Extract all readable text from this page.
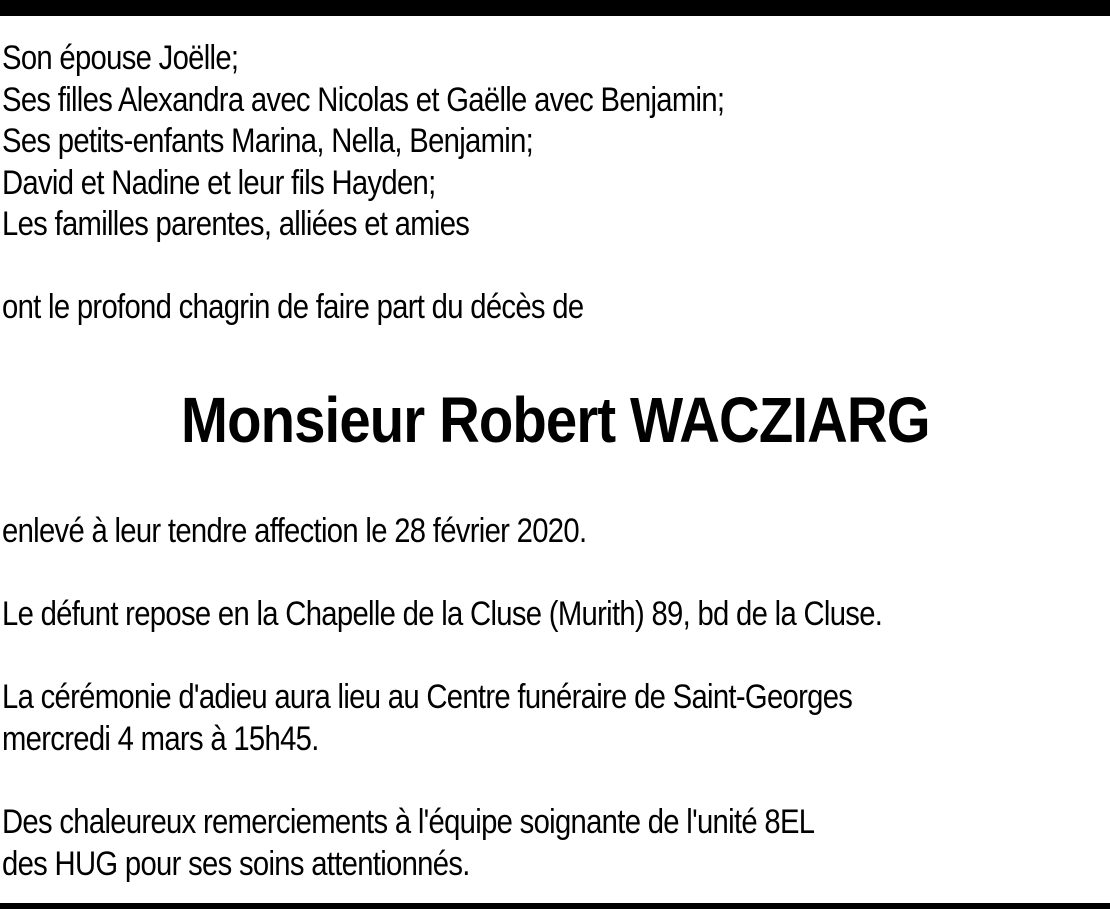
Son épouse Joëlle;
Ses filles Alexandra avec Nicolas et Gaëlle avec Benjamin;
Ses petits-enfants Marina, Nella, Benjamin;
David et Nadine et leur fils Hayden;
Les familles parentes, alliées et amies
ont le profond chagrin de faire part du décès de
Monsieur Robert WACZIARG
enlevé à leur tendre affection le 28 février 2020.
Le défunt repose en la Chapelle de la Cluse (Murith) 89, bd de la Cluse.
La cérémonie d'adieu aura lieu au Centre funéraire de Saint-Georges
mercredi 4 mars à 15h45.
Des chaleureux remerciements à l'équipe soignante de l'unité 8EL
des HUG pour ses soins attentionnés.
